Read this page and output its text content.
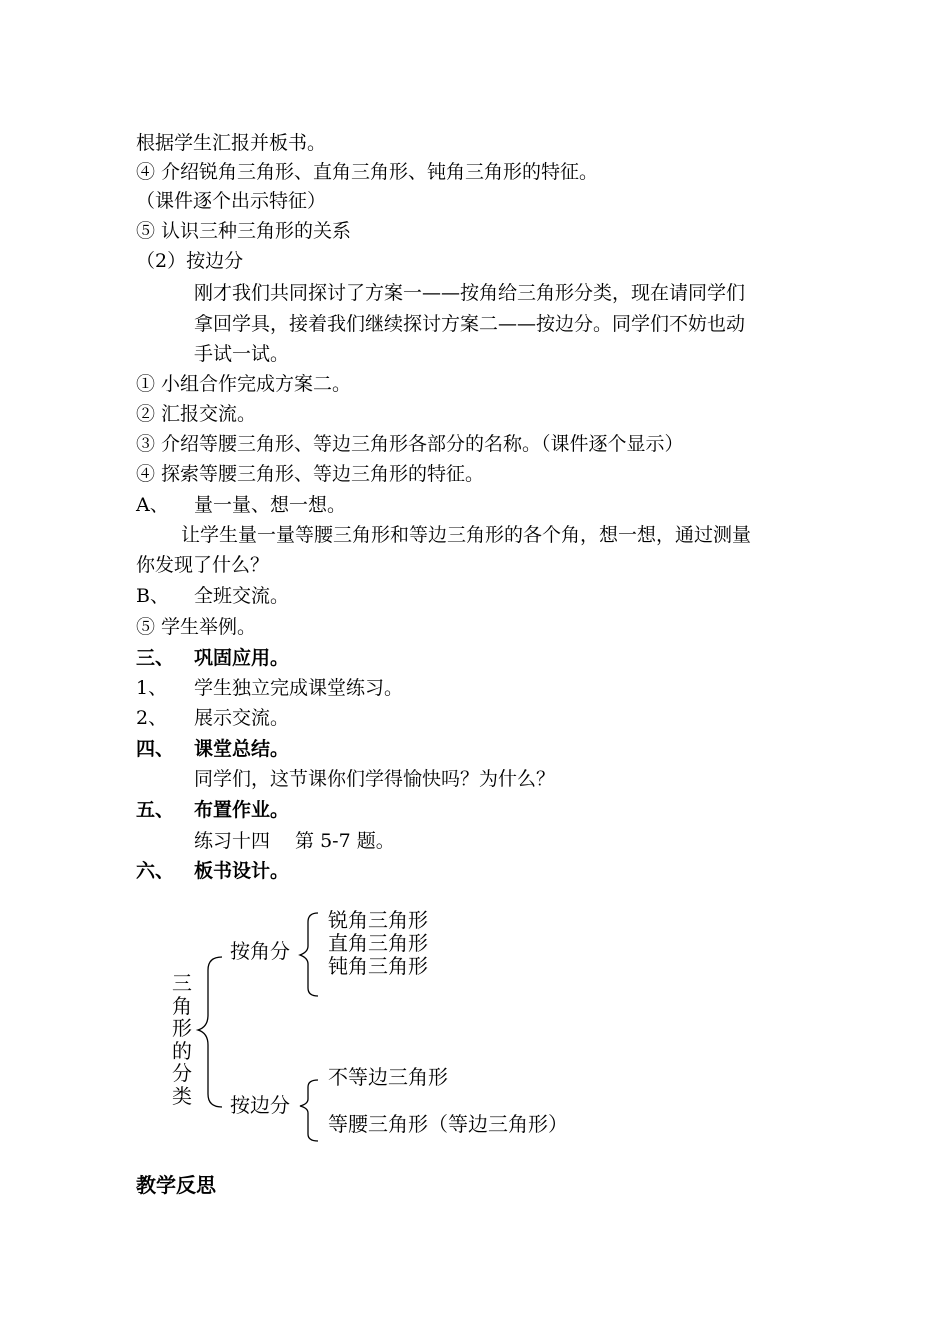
根据学生汇报并板书。
④ 介绍锐角三角形、直角三角形、钝角三角形的特征。
（课件逐个出示特征）
⑤ 认识三种三角形的关系
（2）按边分
刚才我们共同探讨了方案一——按角给三角形分类，现在请同学们
拿回学具，接着我们继续探讨方案二——按边分。同学们不妨也动
手试一试。
① 小组合作完成方案二。
② 汇报交流。
③ 介绍等腰三角形、等边三角形各部分的名称。（课件逐个显示）
④ 探索等腰三角形、等边三角形的特征。
A、 量一量、想一想。
让学生量一量等腰三角形和等边三角形的各个角，想一想，通过测量
你发现了什么？
B、 全班交流。
⑤ 学生举例。
三、 巩固应用。
1、 学生独立完成课堂练习。
2、 展示交流。
四、 课堂总结。
同学们，这节课你们学得愉快吗？为什么？
五、 布置作业。
练习十四　 第 5-7 题。
六、 板书设计。
三
角
形
的
分
类
按角分
锐角三角形
直角三角形
钝角三角形
按边分
不等边三角形
等腰三角形（等边三角形）
教学反思
